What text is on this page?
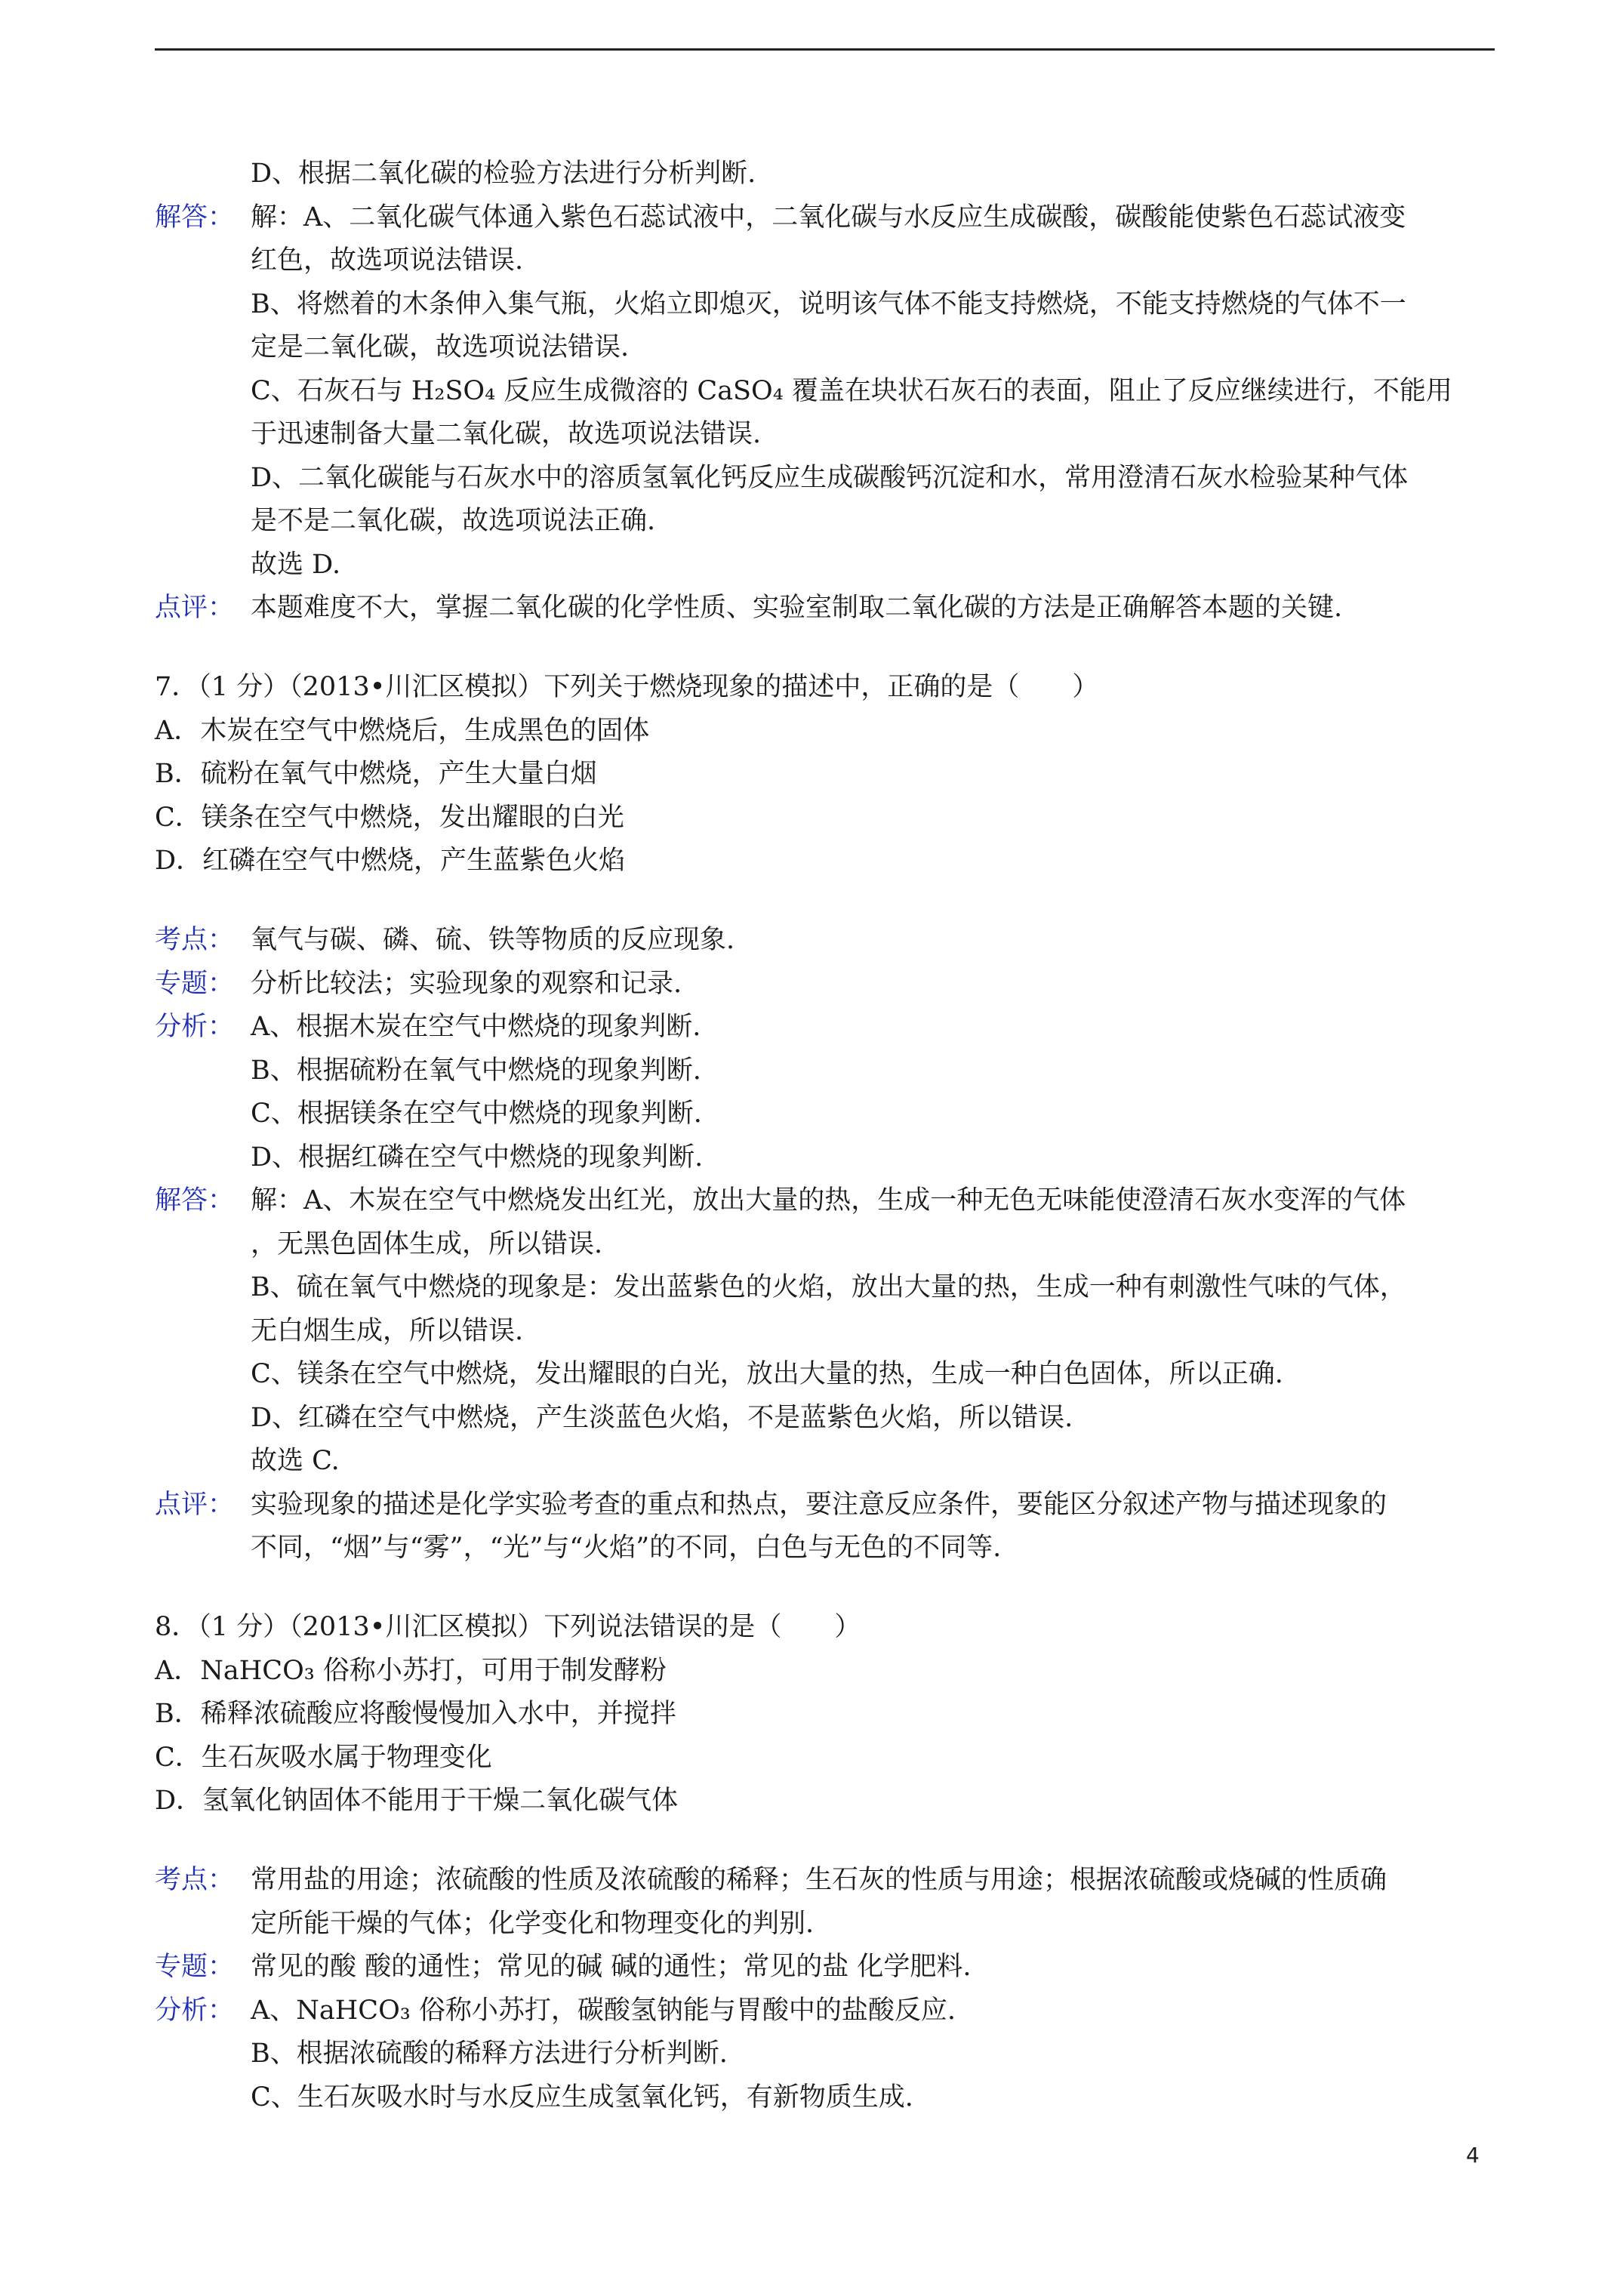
D、根据二氧化碳的检验方法进行分析判断.
解答： 解：A、二氧化碳气体通入紫色石蕊试液中，二氧化碳与水反应生成碳酸，碳酸能使紫色石蕊试液变
红色，故选项说法错误.
B、将燃着的木条伸入集气瓶，火焰立即熄灭，说明该气体不能支持燃烧，不能支持燃烧的气体不一
定是二氧化碳，故选项说法错误.
C、石灰石与 H₂SO₄ 反应生成微溶的 CaSO₄ 覆盖在块状石灰石的表面，阻止了反应继续进行，不能用
于迅速制备大量二氧化碳，故选项说法错误.
D、二氧化碳能与石灰水中的溶质氢氧化钙反应生成碳酸钙沉淀和水，常用澄清石灰水检验某种气体
是不是二氧化碳，故选项说法正确.
故选 D.
点评： 本题难度不大，掌握二氧化碳的化学性质、实验室制取二氧化碳的方法是正确解答本题的关键.
7．（1 分）（2013•川汇区模拟）下列关于燃烧现象的描述中，正确的是（　　）
A．木炭在空气中燃烧后，生成黑色的固体
B．硫粉在氧气中燃烧，产生大量白烟
C．镁条在空气中燃烧，发出耀眼的白光
D．红磷在空气中燃烧，产生蓝紫色火焰
考点： 氧气与碳、磷、硫、铁等物质的反应现象.
专题： 分析比较法；实验现象的观察和记录.
分析： A、根据木炭在空气中燃烧的现象判断.
B、根据硫粉在氧气中燃烧的现象判断.
C、根据镁条在空气中燃烧的现象判断.
D、根据红磷在空气中燃烧的现象判断.
解答： 解：A、木炭在空气中燃烧发出红光，放出大量的热，生成一种无色无味能使澄清石灰水变浑的气体
，无黑色固体生成，所以错误.
B、硫在氧气中燃烧的现象是：发出蓝紫色的火焰，放出大量的热，生成一种有刺激性气味的气体，
无白烟生成，所以错误.
C、镁条在空气中燃烧，发出耀眼的白光，放出大量的热，生成一种白色固体，所以正确.
D、红磷在空气中燃烧，产生淡蓝色火焰，不是蓝紫色火焰，所以错误.
故选 C.
点评： 实验现象的描述是化学实验考查的重点和热点，要注意反应条件，要能区分叙述产物与描述现象的
不同，“烟”与“雾”，“光”与“火焰”的不同，白色与无色的不同等.
8．（1 分）（2013•川汇区模拟）下列说法错误的是（　　）
A．NaHCO₃ 俗称小苏打，可用于制发酵粉
B．稀释浓硫酸应将酸慢慢加入水中，并搅拌
C．生石灰吸水属于物理变化
D．氢氧化钠固体不能用于干燥二氧化碳气体
考点： 常用盐的用途；浓硫酸的性质及浓硫酸的稀释；生石灰的性质与用途；根据浓硫酸或烧碱的性质确
定所能干燥的气体；化学变化和物理变化的判别.
专题： 常见的酸 酸的通性；常见的碱 碱的通性；常见的盐 化学肥料.
分析： A、NaHCO₃ 俗称小苏打，碳酸氢钠能与胃酸中的盐酸反应.
B、根据浓硫酸的稀释方法进行分析判断.
C、生石灰吸水时与水反应生成氢氧化钙，有新物质生成.
4
